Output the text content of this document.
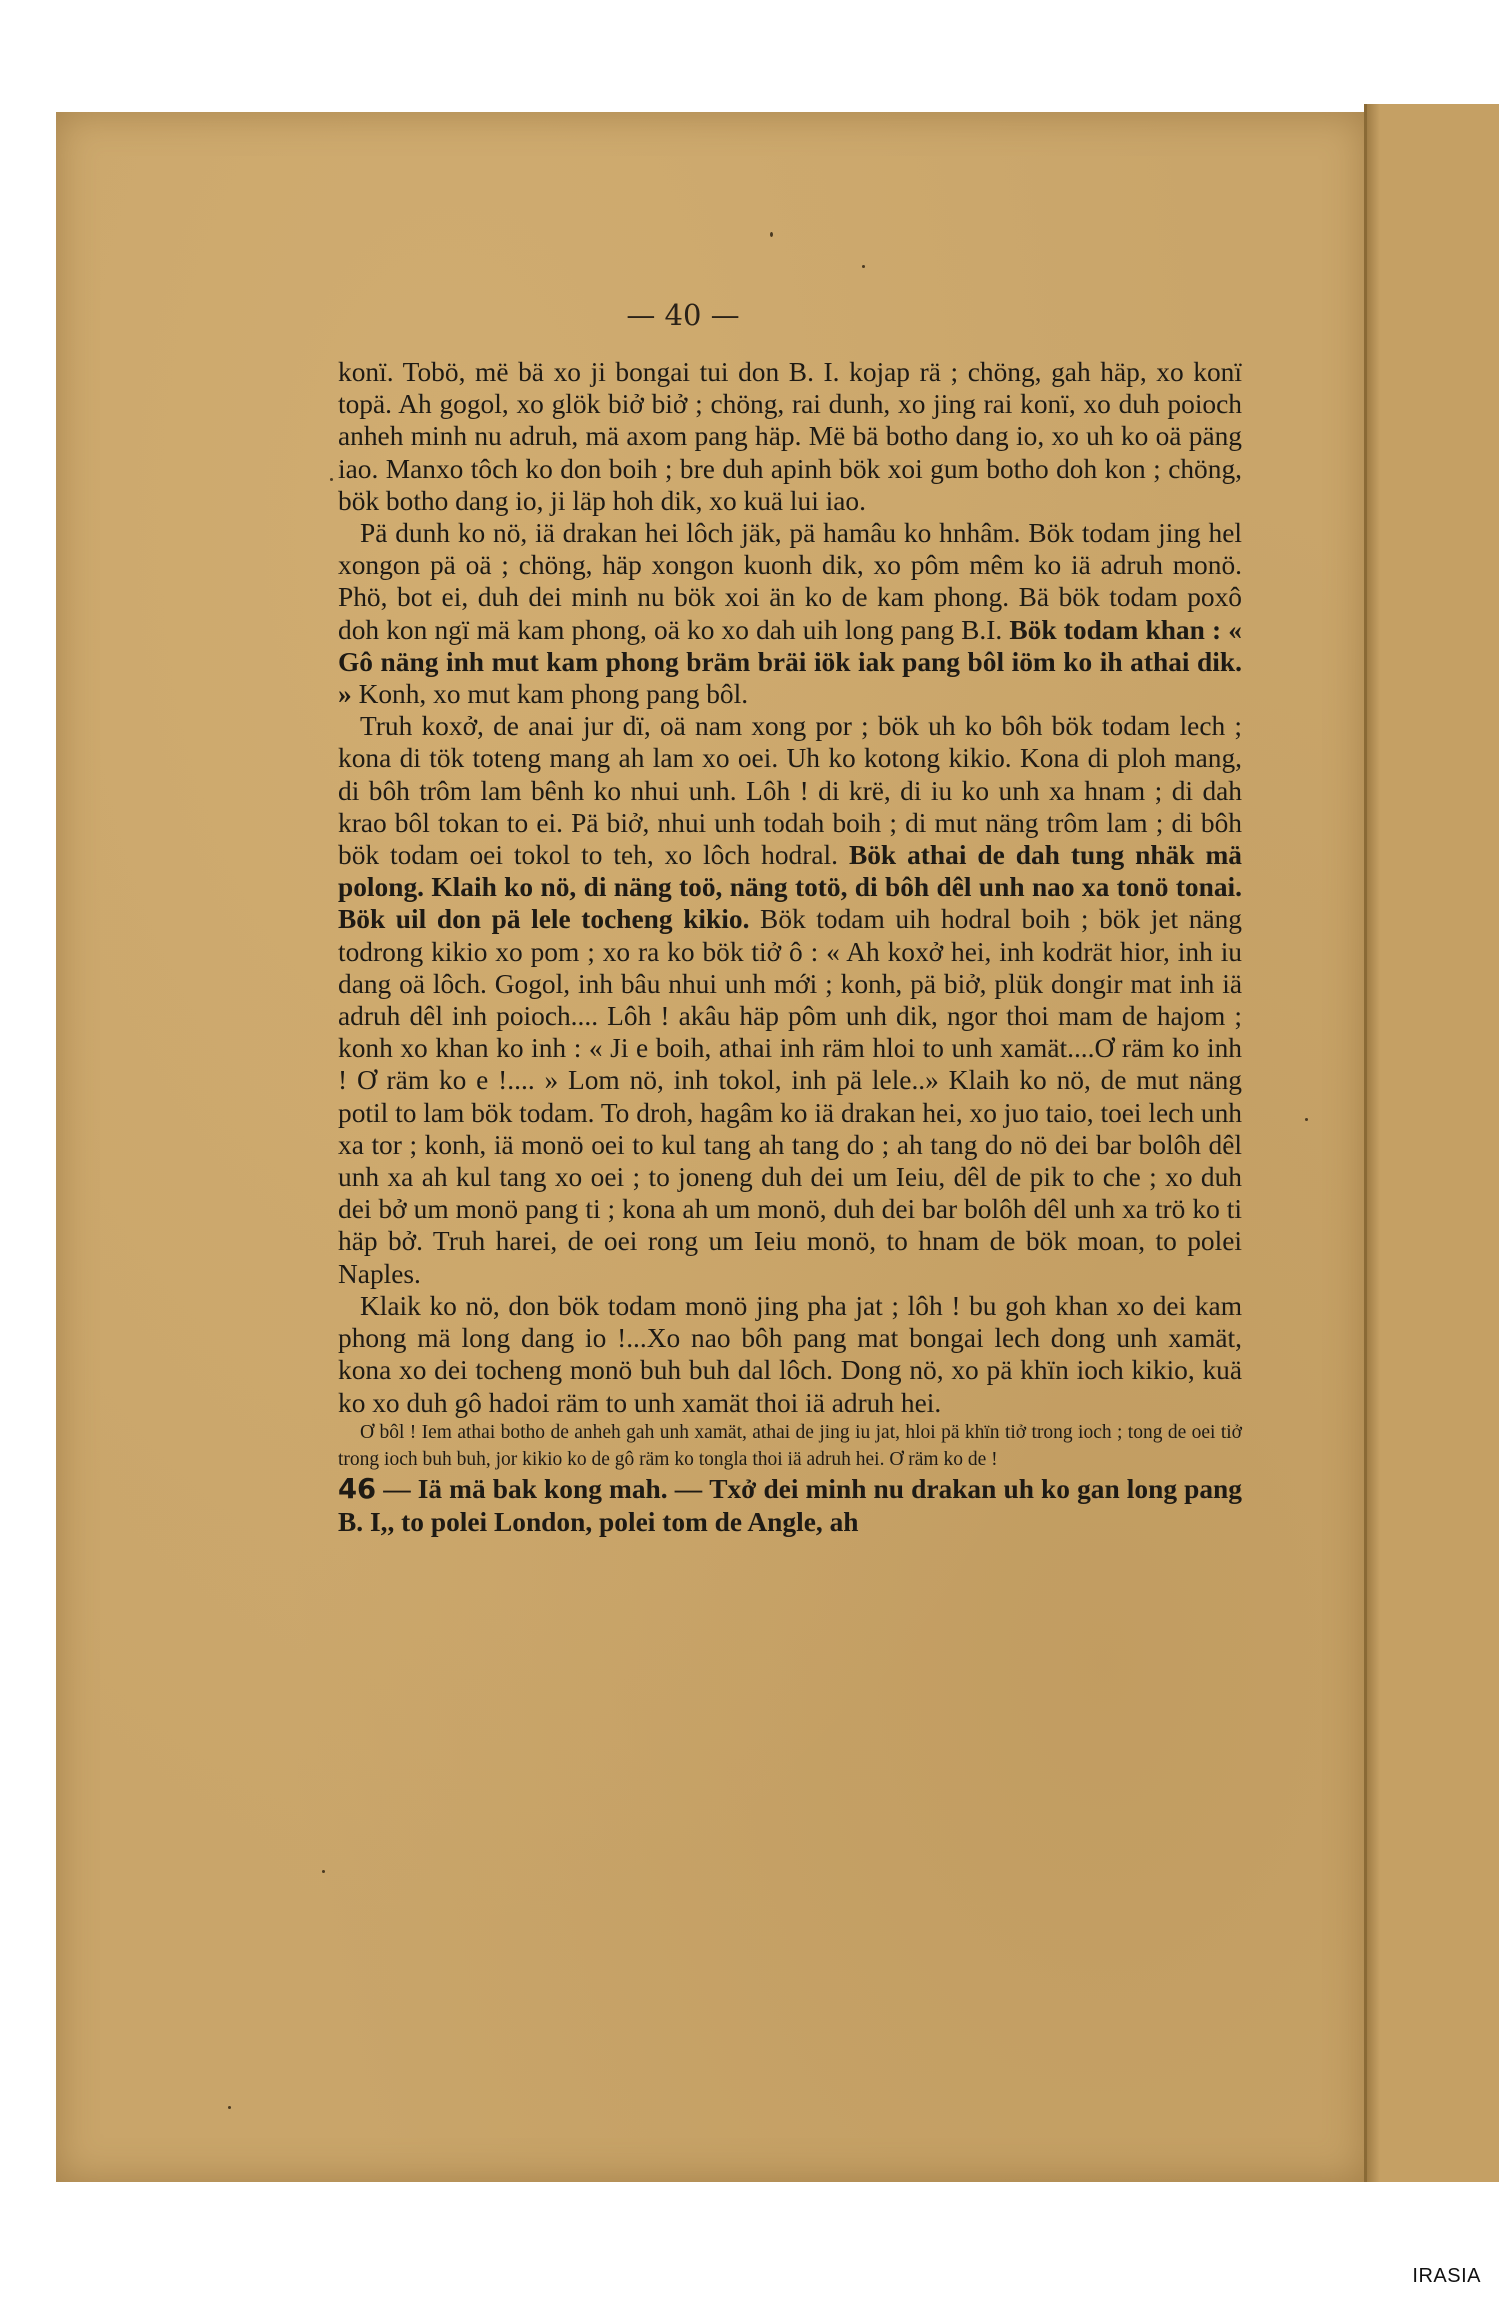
— 40 —

konï. Tobö, më bä xo ji bongai tui don B. I. kojap rä ; chöng, gah häp, xo konï topä. Ah gogol, xo glök biở biở ; chöng, rai dunh, xo jing rai konï, xo duh poioch anheh minh nu adruh, mä axom pang häp. Më bä botho dang io, xo uh ko oä päng iao. Manxo tôch ko don boih ; bre duh apinh bök xoi gum botho doh kon ; chöng, bök botho dang io, ji läp hoh dik, xo kuä lui iao.

Pä dunh ko nö, iä drakan hei lôch jäk, pä hamâu ko hnhâm. Bök todam jing hel xongon pä oä ; chöng, häp xongon kuonh dik, xo pôm mêm ko iä adruh monö. Phö, bot ei, duh dei minh nu bök xoi än ko de kam phong. Bä bök todam poxô doh kon ngï mä kam phong, oä ko xo dah uih long pang B.I. Bök todam khan : « Gô näng inh mut kam phong bräm bräi iök iak pang bôl iöm ko ih athai dik. » Konh, xo mut kam phong pang bôl.

Truh koxở, de anai jur dï, oä nam xong por ; bök uh ko bôh bök todam lech ; kona di tök toteng mang ah lam xo oei. Uh ko kotong kikio. Kona di ploh mang, di bôh trôm lam bênh ko nhui unh. Lôh ! di krë, di iu ko unh xa hnam ; di dah krao bôl tokan to ei. Pä biở, nhui unh todah boih ; di mut näng trôm lam ; di bôh bök todam oei tokol to teh, xo lôch hodral. Bök athai de dah tung nhäk mä polong. Klaih ko nö, di näng toö, näng totö, di bôh dêl unh nao xa tonö tonai. Bök uil don pä lele tocheng kikio. Bök todam uih hodral boih ; bök jet näng todrong kikio xo pom ; xo ra ko bök tiở ô : « Ah koxở hei, inh kodrät hior, inh iu dang oä lôch. Gogol, inh bâu nhui unh mới ; konh, pä biở, plük dongir mat inh iä adruh dêl inh poioch.... Lôh ! akâu häp pôm unh dik, ngor thoi mam de hajom ; konh xo khan ko inh : « Ji e boih, athai inh räm hloi to unh xamät....Ơ räm ko inh ! Ơ räm ko e !.... » Lom nö, inh tokol, inh pä lele..» Klaih ko nö, de mut näng potil to lam bök todam. To droh, hagâm ko iä drakan hei, xo juo taio, toei lech unh xa tor ; konh, iä monö oei to kul tang ah tang do ; ah tang do nö dei bar bolôh dêl unh xa ah kul tang xo oei ; to joneng duh dei um Ieiu, dêl de pik to che ; xo duh dei bở um monö pang ti ; kona ah um monö, duh dei bar bolôh dêl unh xa trö ko ti häp bở. Truh harei, de oei rong um Ieiu monö, to hnam de bök moan, to polei Naples.

Klaik ko nö, don bök todam monö jing pha jat ; lôh ! bu goh khan xo dei kam phong mä long dang io !...Xo nao bôh pang mat bongai lech dong unh xamät, kona xo dei tocheng monö buh buh dal lôch. Dong nö, xo pä khïn ioch kikio, kuä ko xo duh gô hadoi räm to unh xamät thoi iä adruh hei.

Ơ bôl ! Iem athai botho de anheh gah unh xamät, athai de jing iu jat, hloi pä khïn tiở trong ioch ; tong de oei tiở trong ioch buh buh, jor kikio ko de gô räm ko tongla thoi iä adruh hei. Ơ räm ko de !

46 — Iä mä bak kong mah. — Txở dei minh nu drakan uh ko gan long pang B. I,, to polei London, polei tom de Angle, ah

IRASIA
